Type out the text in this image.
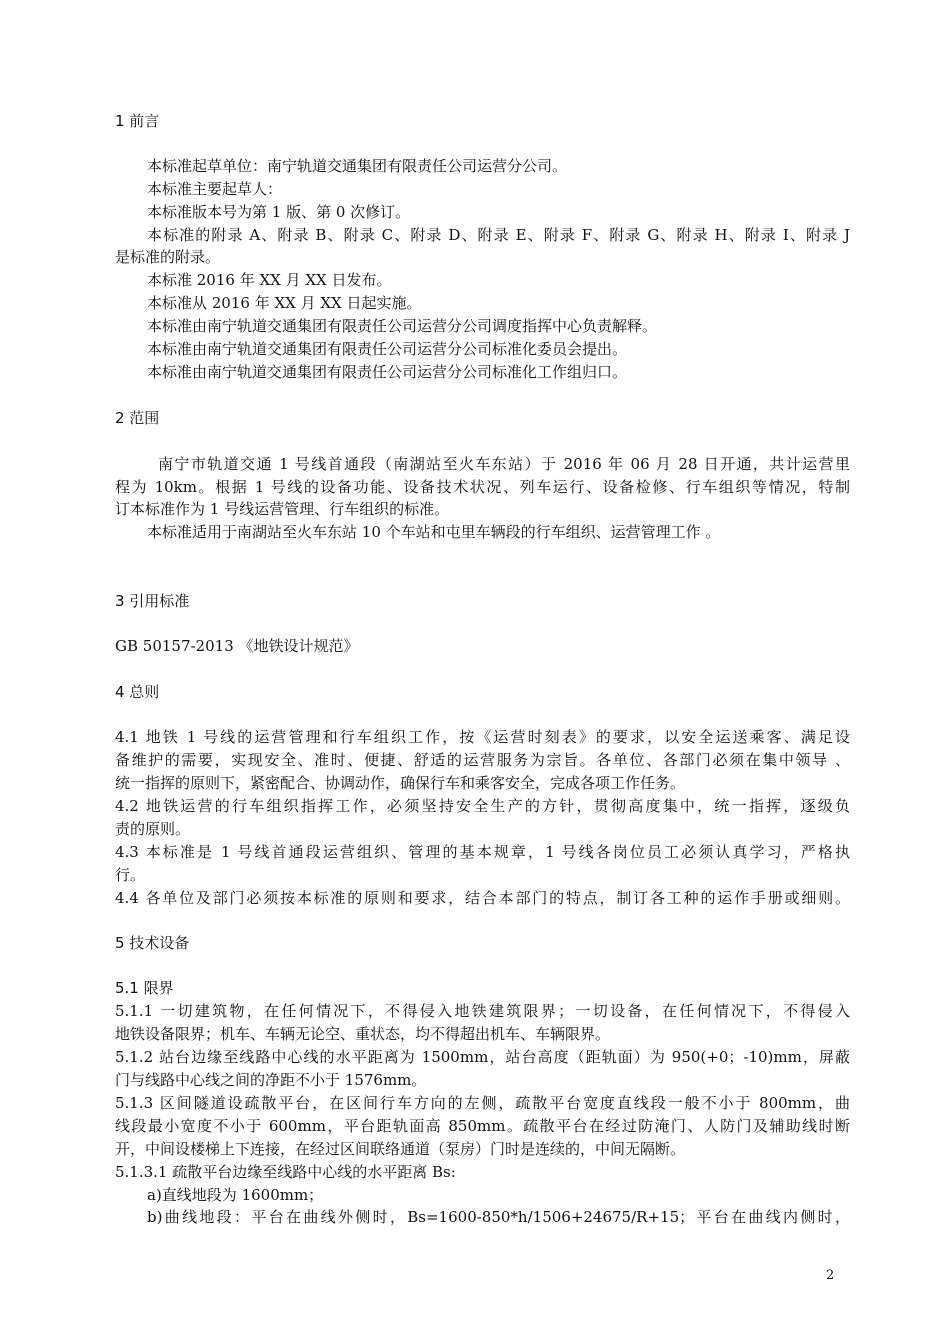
1 前言
本标准起草单位：南宁轨道交通集团有限责任公司运营分公司。
本标准主要起草人：
本标准版本号为第 1 版、第 0 次修订。
本标准的附录 A、附录 B、附录 C、附录 D、附录 E、附录 F、附录 G、附录 H、附录 I、附录 J
是标准的附录。
本标准 2016 年 XX 月 XX 日发布。
本标准从 2016 年 XX 月 XX 日起实施。
本标准由南宁轨道交通集团有限责任公司运营分公司调度指挥中心负责解释。
本标准由南宁轨道交通集团有限责任公司运营分公司标准化委员会提出。
本标准由南宁轨道交通集团有限责任公司运营分公司标准化工作组归口。
2 范围
南宁市轨道交通 1 号线首通段（南湖站至火车东站）于 2016 年 06 月 28 日开通，共计运营里
程为 10km。根据 1 号线的设备功能、设备技术状况、列车运行、设备检修、行车组织等情况，特制
订本标准作为 1 号线运营管理、行车组织的标准。
本标准适用于南湖站至火车东站 10 个车站和屯里车辆段的行车组织、运营管理工作 。
3 引用标准
GB 50157-2013 《地铁设计规范》
4 总则
4.1 地铁 1 号线的运营管理和行车组织工作，按《运营时刻表》的要求，以安全运送乘客、满足设
备维护的需要，实现安全、准时、便捷、舒适的运营服务为宗旨。各单位、各部门必须在集中领导 、
统一指挥的原则下，紧密配合、协调动作，确保行车和乘客安全，完成各项工作任务。
4.2 地铁运营的行车组织指挥工作，必须坚持安全生产的方针，贯彻高度集中，统一指挥，逐级负
责的原则。
4.3 本标准是 1 号线首通段运营组织、管理的基本规章，1 号线各岗位员工必须认真学习，严格执
行。
4.4 各单位及部门必须按本标准的原则和要求，结合本部门的特点，制订各工种的运作手册或细则。
5 技术设备
5.1 限界
5.1.1 一切建筑物，在任何情况下，不得侵入地铁建筑限界；一切设备，在任何情况下，不得侵入
地铁设备限界；机车、车辆无论空、重状态，均不得超出机车、车辆限界。
5.1.2 站台边缘至线路中心线的水平距离为 1500mm，站台高度（距轨面）为 950(+0；-10)mm，屏蔽
门与线路中心线之间的净距不小于 1576mm。
5.1.3 区间隧道设疏散平台，在区间行车方向的左侧，疏散平台宽度直线段一般不小于 800mm，曲
线段最小宽度不小于 600mm，平台距轨面高 850mm。疏散平台在经过防淹门、人防门及辅助线时断
开，中间设楼梯上下连接，在经过区间联络通道（泵房）门时是连续的，中间无隔断。
5.1.3.1 疏散平台边缘至线路中心线的水平距离 Bs:
a)直线地段为 1600mm；
b)曲线地段：平台在曲线外侧时，Bs=1600-850*h/1506+24675/R+15；平台在曲线内侧时，
2
